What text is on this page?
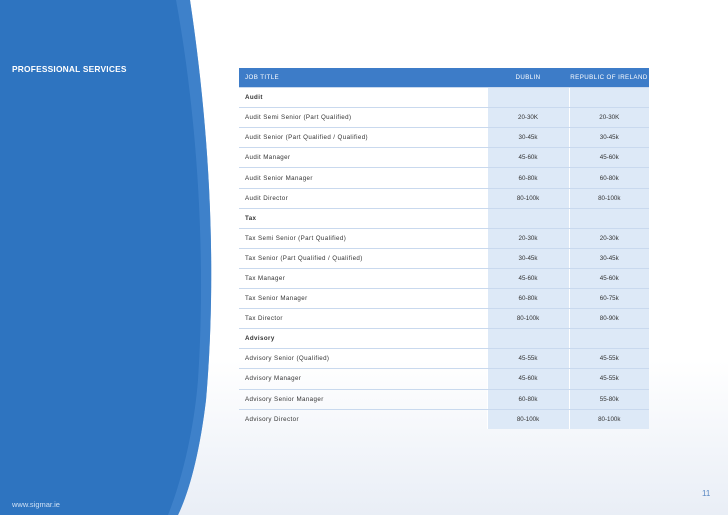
PROFESSIONAL SERVICES
www.sigmar.ie
11
JOB TITLE	DUBLIN	REPUBLIC OF IRELAND
Audit		
Audit Semi Senior (Part Qualified)	20-30K	20-30K
Audit Senior (Part Qualified / Qualified)	30-45k	30-45k
Audit Manager	45-60k	45-60k
Audit Senior Manager	60-80k	60-80k
Audit Director	80-100k	80-100k
Tax		
Tax Semi Senior (Part Qualified)	20-30k	20-30k
Tax Senior (Part Qualified / Qualified)	30-45k	30-45k
Tax Manager	45-60k	45-60k
Tax Senior Manager	60-80k	60-75k
Tax Director	80-100k	80-90k
Advisory		
Advisory Senior (Qualified)	45-55k	45-55k
Advisory Manager	45-60k	45-55k
Advisory Senior Manager	60-80k	55-80k
Advisory Director	80-100k	80-100k
